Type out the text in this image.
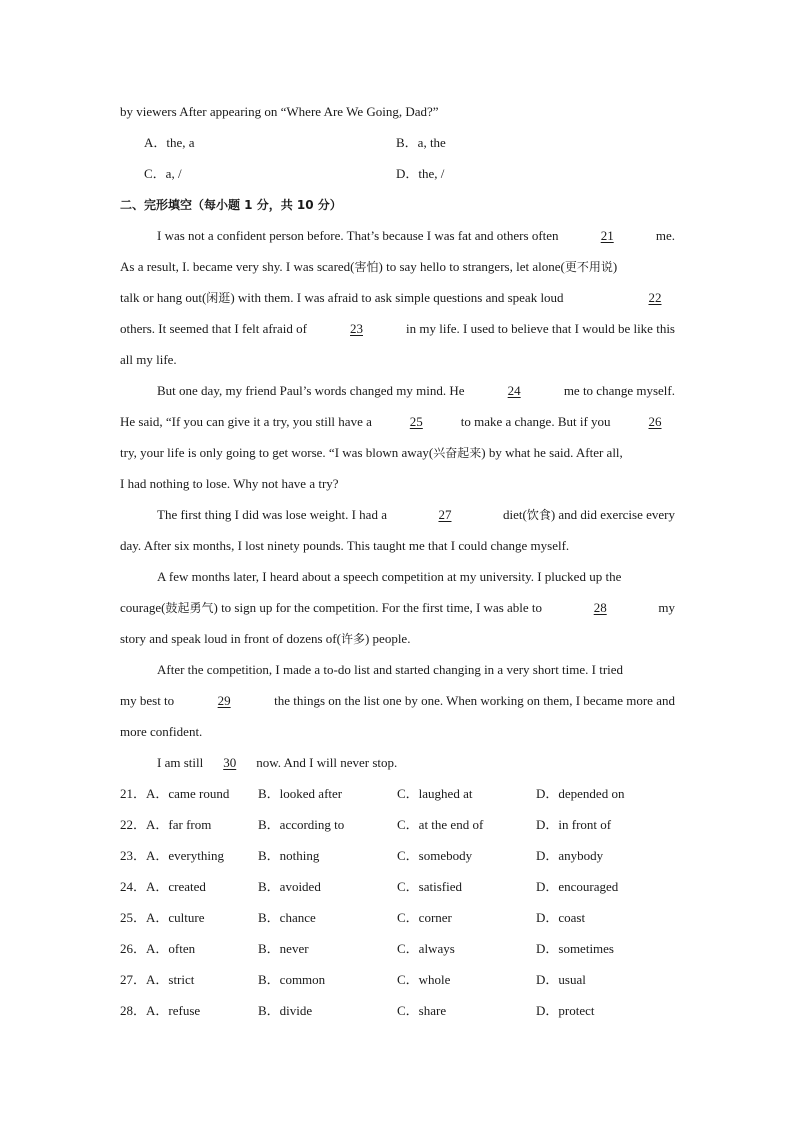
by viewers After appearing on “Where Are We Going, Dad?”
A．the, a	B．a, the
C．a, /	D．the, /
二、完形填空（每小题 1 分，共 10 分）
I was not a confident person before. That’s because I was fat and others often	21	me.
As a result, I. became very shy. I was scared(害怕) to say hello to strangers, let alone(更不用说)
talk or hang out(闲逛) with them. I was afraid to ask simple questions and speak loud	22
others. It seemed that I felt afraid of	23	in my life. I used to believe that I would be like this
all my life.
But one day, my friend Paul’s words changed my mind. He	24	me to change myself.
He said, “If you can give it a try, you still have a	25	to make a change. But if you	26
try, your life is only going to get worse. “I was blown away(兴奋起来) by what he said. After all,
I had nothing to lose. Why not have a try?
The first thing I did was lose weight. I had a	27	diet(饮食) and did exercise every
day. After six months, I lost ninety pounds. This taught me that I could change myself.
A few months later, I heard about a speech competition at my university. I plucked up the
courage(鼓起勇气) to sign up for the competition. For the first time, I was able to	28	my
story and speak loud in front of dozens of(许多) people.
After the competition, I made a to-do list and started changing in a very short time. I tried
my best to	29	the things on the list one by one. When working on them, I became more and
more confident.
I am still 30 now. And I will never stop.
21．A．came round	B．looked after	C．laughed at	D．depended on
22．A．far from	B．according to	C．at the end of	D．in front of
23．A．everything	B．nothing	C．somebody	D．anybody
24．A．created	B．avoided	C．satisfied	D．encouraged
25．A．culture	B．chance	C．corner	D．coast
26．A．often	B．never	C．always	D．sometimes
27．A．strict	B．common	C．whole	D．usual
28．A．refuse	B．divide	C．share	D．protect
